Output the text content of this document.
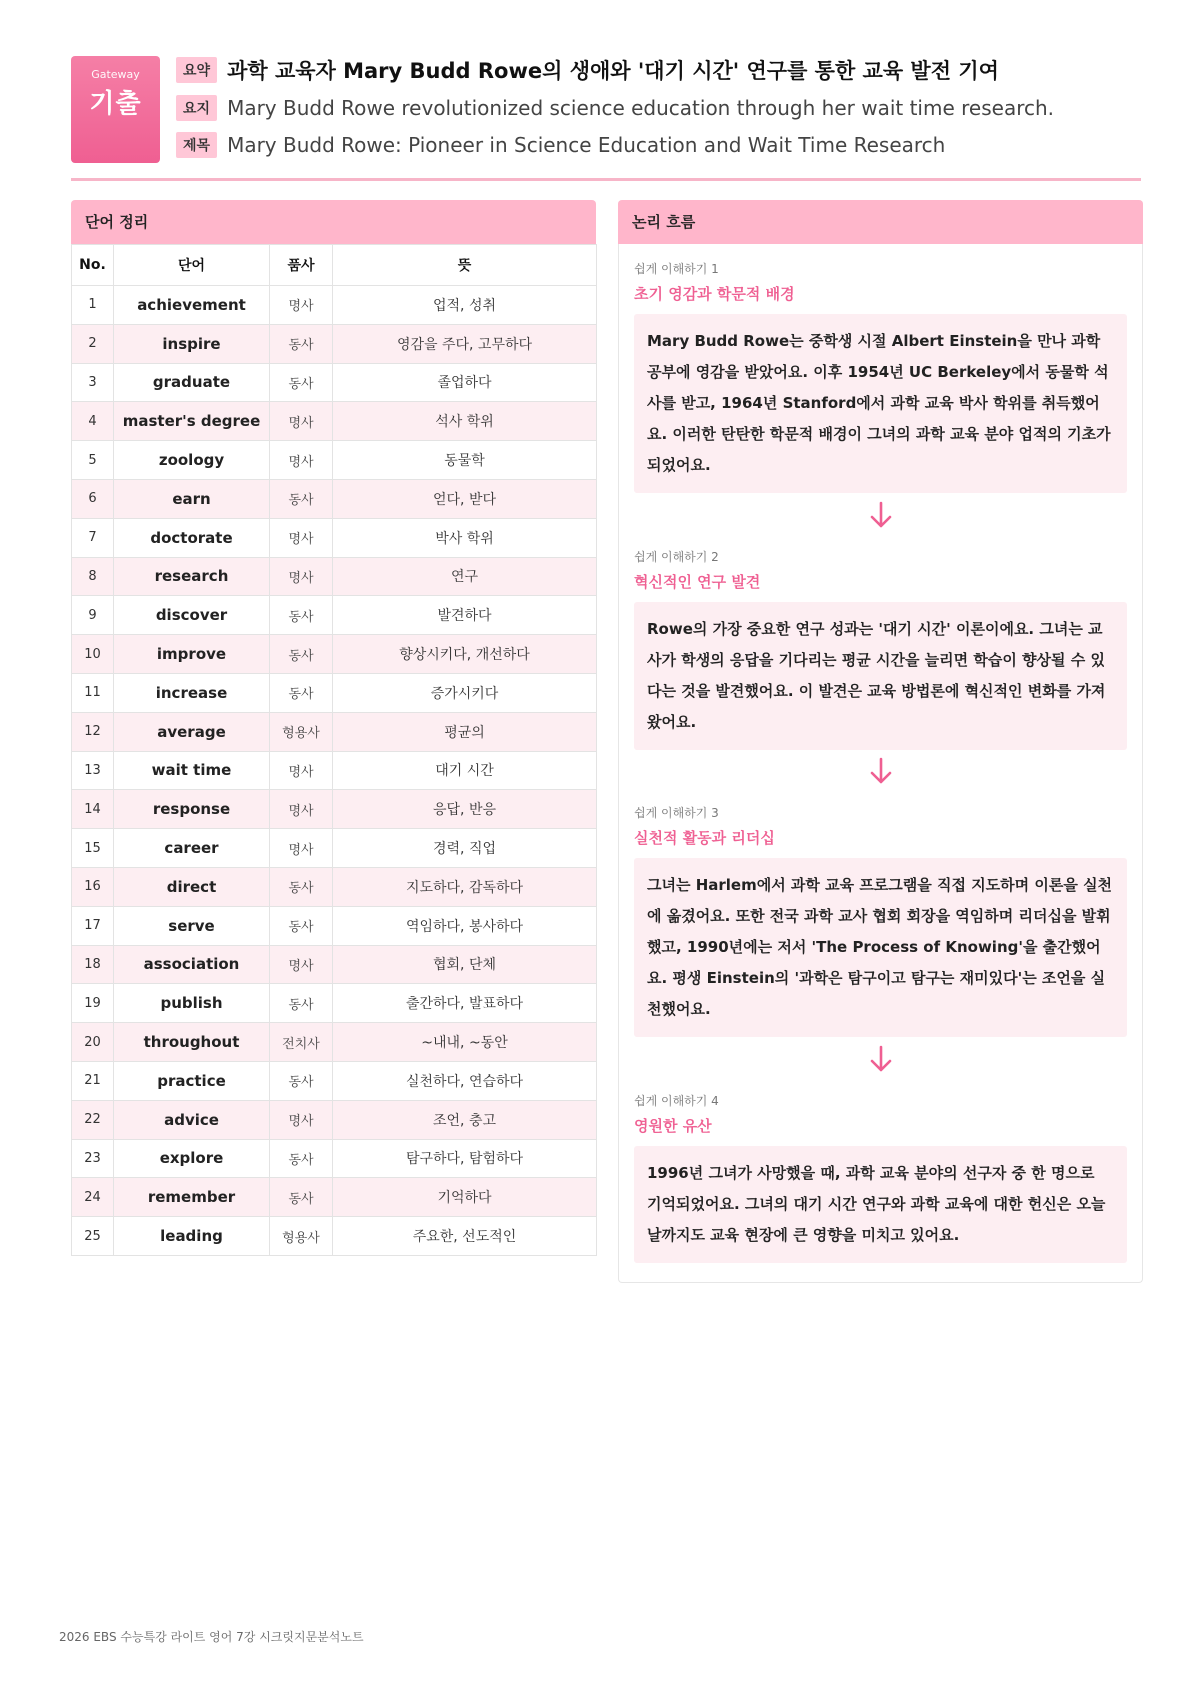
Gateway
기출
요약 과학 교육자 Mary Budd Rowe의 생애와 '대기 시간' 연구를 통한 교육 발전 기여
요지 Mary Budd Rowe revolutionized science education through her wait time research.
제목 Mary Budd Rowe: Pioneer in Science Education and Wait Time Research
단어 정리
No.	단어	품사	뜻
1	achievement	명사	업적, 성취
2	inspire	동사	영감을 주다, 고무하다
3	graduate	동사	졸업하다
4	master's degree	명사	석사 학위
5	zoology	명사	동물학
6	earn	동사	얻다, 받다
7	doctorate	명사	박사 학위
8	research	명사	연구
9	discover	동사	발견하다
10	improve	동사	향상시키다, 개선하다
11	increase	동사	증가시키다
12	average	형용사	평균의
13	wait time	명사	대기 시간
14	response	명사	응답, 반응
15	career	명사	경력, 직업
16	direct	동사	지도하다, 감독하다
17	serve	동사	역임하다, 봉사하다
18	association	명사	협회, 단체
19	publish	동사	출간하다, 발표하다
20	throughout	전치사	~내내, ~동안
21	practice	동사	실천하다, 연습하다
22	advice	명사	조언, 충고
23	explore	동사	탐구하다, 탐험하다
24	remember	동사	기억하다
25	leading	형용사	주요한, 선도적인
논리 흐름
쉽게 이해하기 1
초기 영감과 학문적 배경
Mary Budd Rowe는 중학생 시절 Albert Einstein을 만나 과학 공부에 영감을 받았어요. 이후 1954년 UC Berkeley에서 동물학 석사를 받고, 1964년 Stanford에서 과학 교육 박사 학위를 취득했어요. 이러한 탄탄한 학문적 배경이 그녀의 과학 교육 분야 업적의 기초가 되었어요.
쉽게 이해하기 2
혁신적인 연구 발견
Rowe의 가장 중요한 연구 성과는 '대기 시간' 이론이에요. 그녀는 교사가 학생의 응답을 기다리는 평균 시간을 늘리면 학습이 향상될 수 있다는 것을 발견했어요. 이 발견은 교육 방법론에 혁신적인 변화를 가져왔어요.
쉽게 이해하기 3
실천적 활동과 리더십
그녀는 Harlem에서 과학 교육 프로그램을 직접 지도하며 이론을 실천에 옮겼어요. 또한 전국 과학 교사 협회 회장을 역임하며 리더십을 발휘했고, 1990년에는 저서 'The Process of Knowing'을 출간했어요. 평생 Einstein의 '과학은 탐구이고 탐구는 재미있다'는 조언을 실천했어요.
쉽게 이해하기 4
영원한 유산
1996년 그녀가 사망했을 때, 과학 교육 분야의 선구자 중 한 명으로 기억되었어요. 그녀의 대기 시간 연구와 과학 교육에 대한 헌신은 오늘날까지도 교육 현장에 큰 영향을 미치고 있어요.
2026 EBS 수능특강 라이트 영어 7강 시크릿지문분석노트
